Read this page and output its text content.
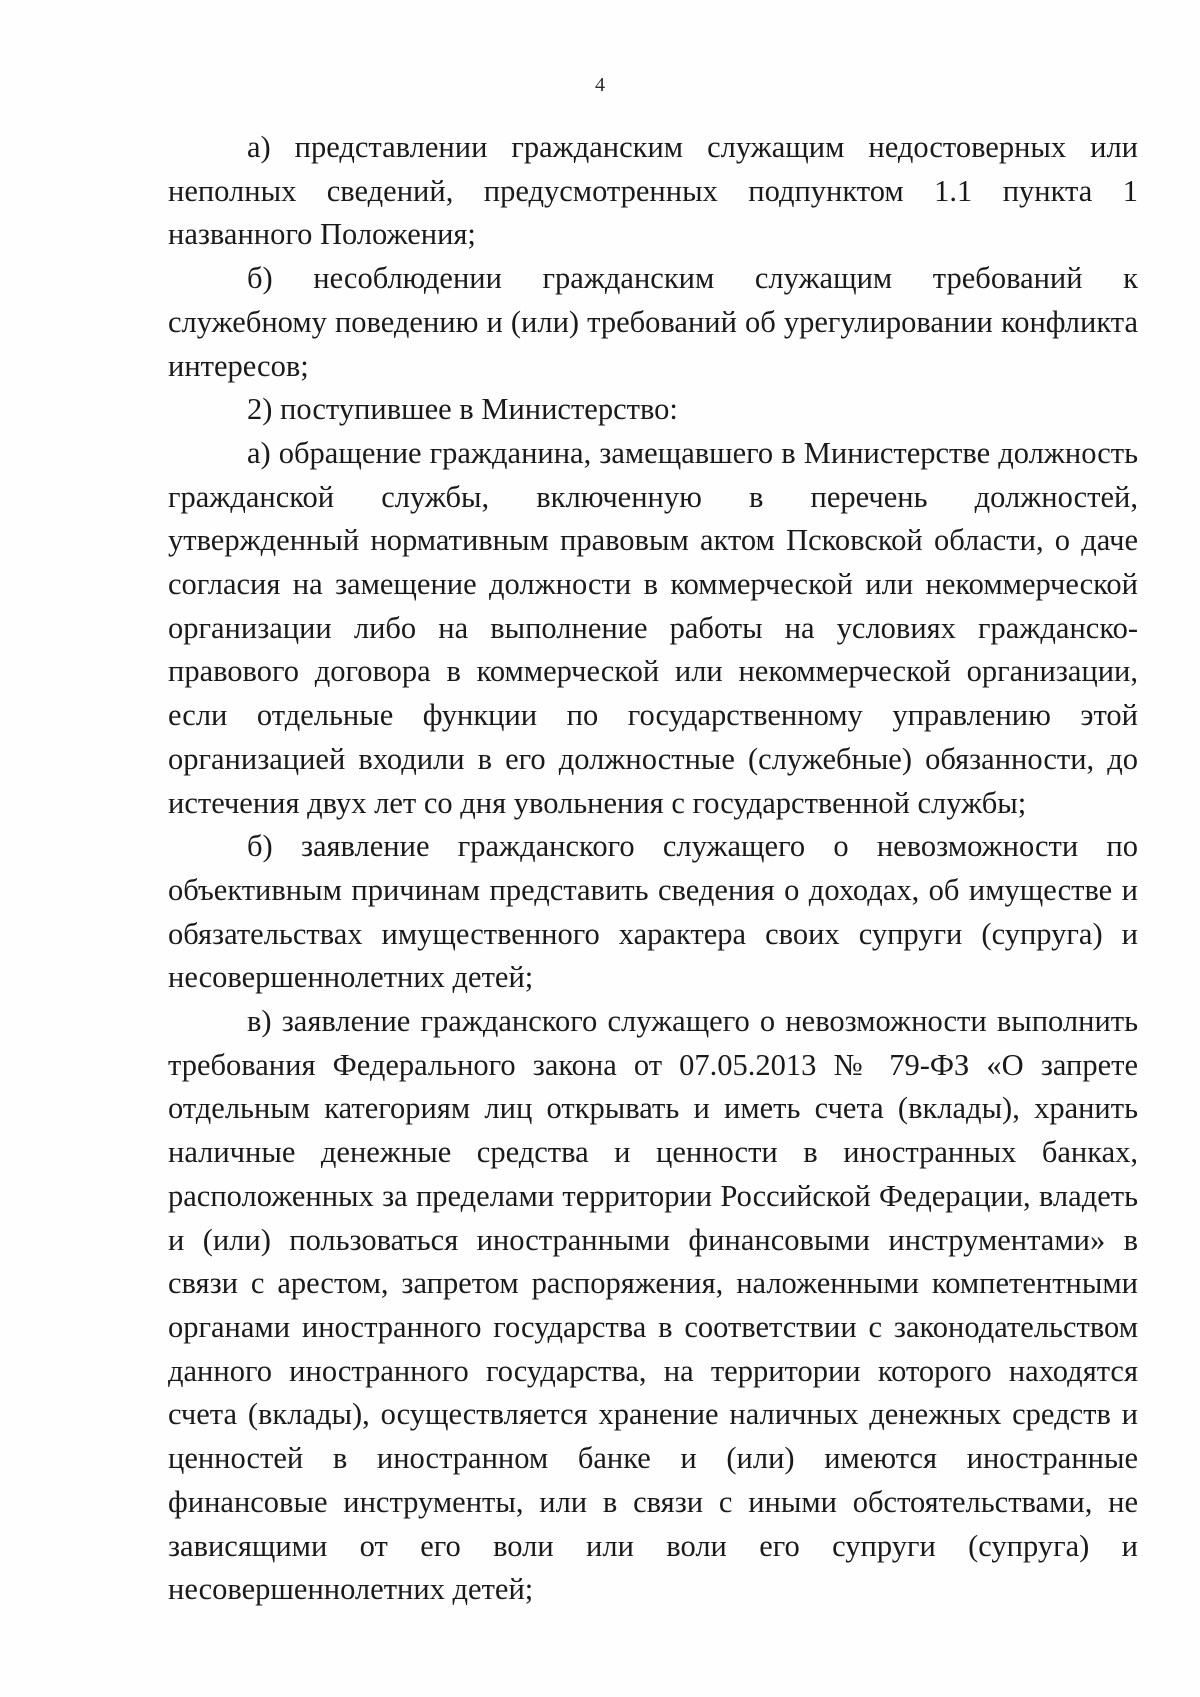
4

а) представлении гражданским служащим недостоверных или неполных сведений, предусмотренных подпунктом 1.1 пункта 1 названного Положения;

б) несоблюдении гражданским служащим требований к служебному поведению и (или) требований об урегулировании конфликта интересов;

2) поступившее в Министерство:

а) обращение гражданина, замещавшего в Министерстве должность гражданской службы, включенную в перечень должностей, утвержденный нормативным правовым актом Псковской области, о даче согласия на замещение должности в коммерческой или некоммерческой организации либо на выполнение работы на условиях гражданско-правового договора в коммерческой или некоммерческой организации, если отдельные функции по государственному управлению этой организацией входили в его должностные (служебные) обязанности, до истечения двух лет со дня увольнения с государственной службы;

б) заявление гражданского служащего о невозможности по объективным причинам представить сведения о доходах, об имуществе и обязательствах имущественного характера своих супруги (супруга) и несовершеннолетних детей;

в) заявление гражданского служащего о невозможности выполнить требования Федерального закона от 07.05.2013 № 79-ФЗ «О запрете отдельным категориям лиц открывать и иметь счета (вклады), хранить наличные денежные средства и ценности в иностранных банках, расположенных за пределами территории Российской Федерации, владеть и (или) пользоваться иностранными финансовыми инструментами» в связи с арестом, запретом распоряжения, наложенными компетентными органами иностранного государства в соответствии с законодательством данного иностранного государства, на территории которого находятся счета (вклады), осуществляется хранение наличных денежных средств и ценностей в иностранном банке и (или) имеются иностранные финансовые инструменты, или в связи с иными обстоятельствами, не зависящими от его воли или воли его супруги (супруга) и несовершеннолетних детей;
